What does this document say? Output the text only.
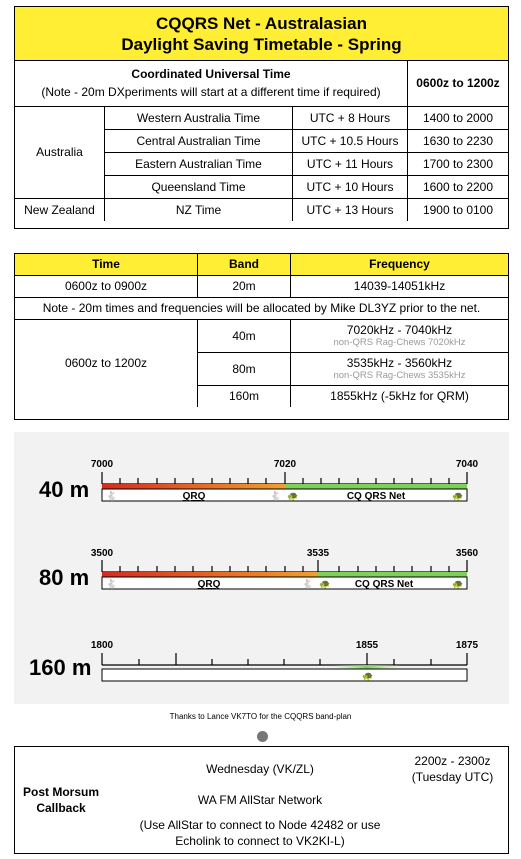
CQQRS Net - Australasian
Daylight Saving Timetable - Spring
Coordinated Universal Time
(Note - 20m DXperiments will start at a different time if required)			0600z to 1200z
Australia	Western Australia Time	UTC + 8 Hours	1400 to 2000
	Central Australian Time	UTC + 10.5 Hours	1630 to 2230
	Eastern Australian Time	UTC + 11 Hours	1700 to 2300
	Queensland Time	UTC + 10 Hours	1600 to 2200
New Zealand	NZ Time	UTC + 13 Hours	1900 to 0100
Time	Band	Frequency
0600z to 0900z	20m	14039-14051kHz
Note - 20m times and frequencies will be allocated by Mike DL3YZ prior to the net.		
0600z to 1200z	40m	7020kHz - 7040kHz
non-QRS Rag-Chews 7020kHz

	80m	3535kHz - 3560kHz
non-QRS Rag-Chews 3535kHz

	160m	1855kHz (-5kHz for QRM)
40 m
7000	7020	7040
QRQ	CQ QRS Net
🐇	🐇 🐢	🐢
80 m
3500	3535	3560
QRQ	CQ QRS Net
🐇	🐇 🐢	🐢
160 m
1800	1855	1875
🐢
Thanks to Lance VK7TO for the CQQRS band-plan
Post Morsum
Callback
Wednesday (VK/ZL)
2200z - 2300z
(Tuesday UTC)
WA FM AllStar Network
(Use AllStar to connect to Node 42482 or use
Echolink to connect to VK2KI-L)
